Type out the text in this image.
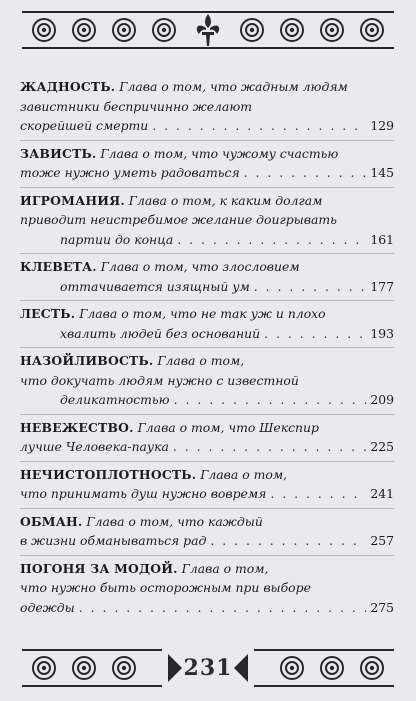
ЖАДНОСТЬ. Глава о том, что жадным людям
завистники беспричинно желают
скорейшей смерти . . .	129
ЗАВИСТЬ. Глава о том, что чужому счастью
тоже нужно уметь радоваться . . .	145
ИГРОМАНИЯ. Глава о том, к каким долгам
приводит неистребимое желание доигрывать
партии до конца . . .	161
КЛЕВЕТА. Глава о том, что злословием
оттачивается изящный ум . . .	177
ЛЕСТЬ. Глава о том, что не так уж и плохо
хвалить людей без оснований . . .	193
НАЗОЙЛИВОСТЬ. Глава о том,
что докучать людям нужно с известной
деликатностью . . .	209
НЕВЕЖЕСТВО. Глава о том, что Шекспир
лучше Человека-паука . . .	225
НЕЧИСТОПЛОТНОСТЬ. Глава о том,
что принимать душ нужно вовремя . . .	241
ОБМАН. Глава о том, что каждый
в жизни обманываться рад . . .	257
ПОГОНЯ ЗА МОДОЙ. Глава о том,
что нужно быть осторожным при выборе
одежды . . .	275
231
